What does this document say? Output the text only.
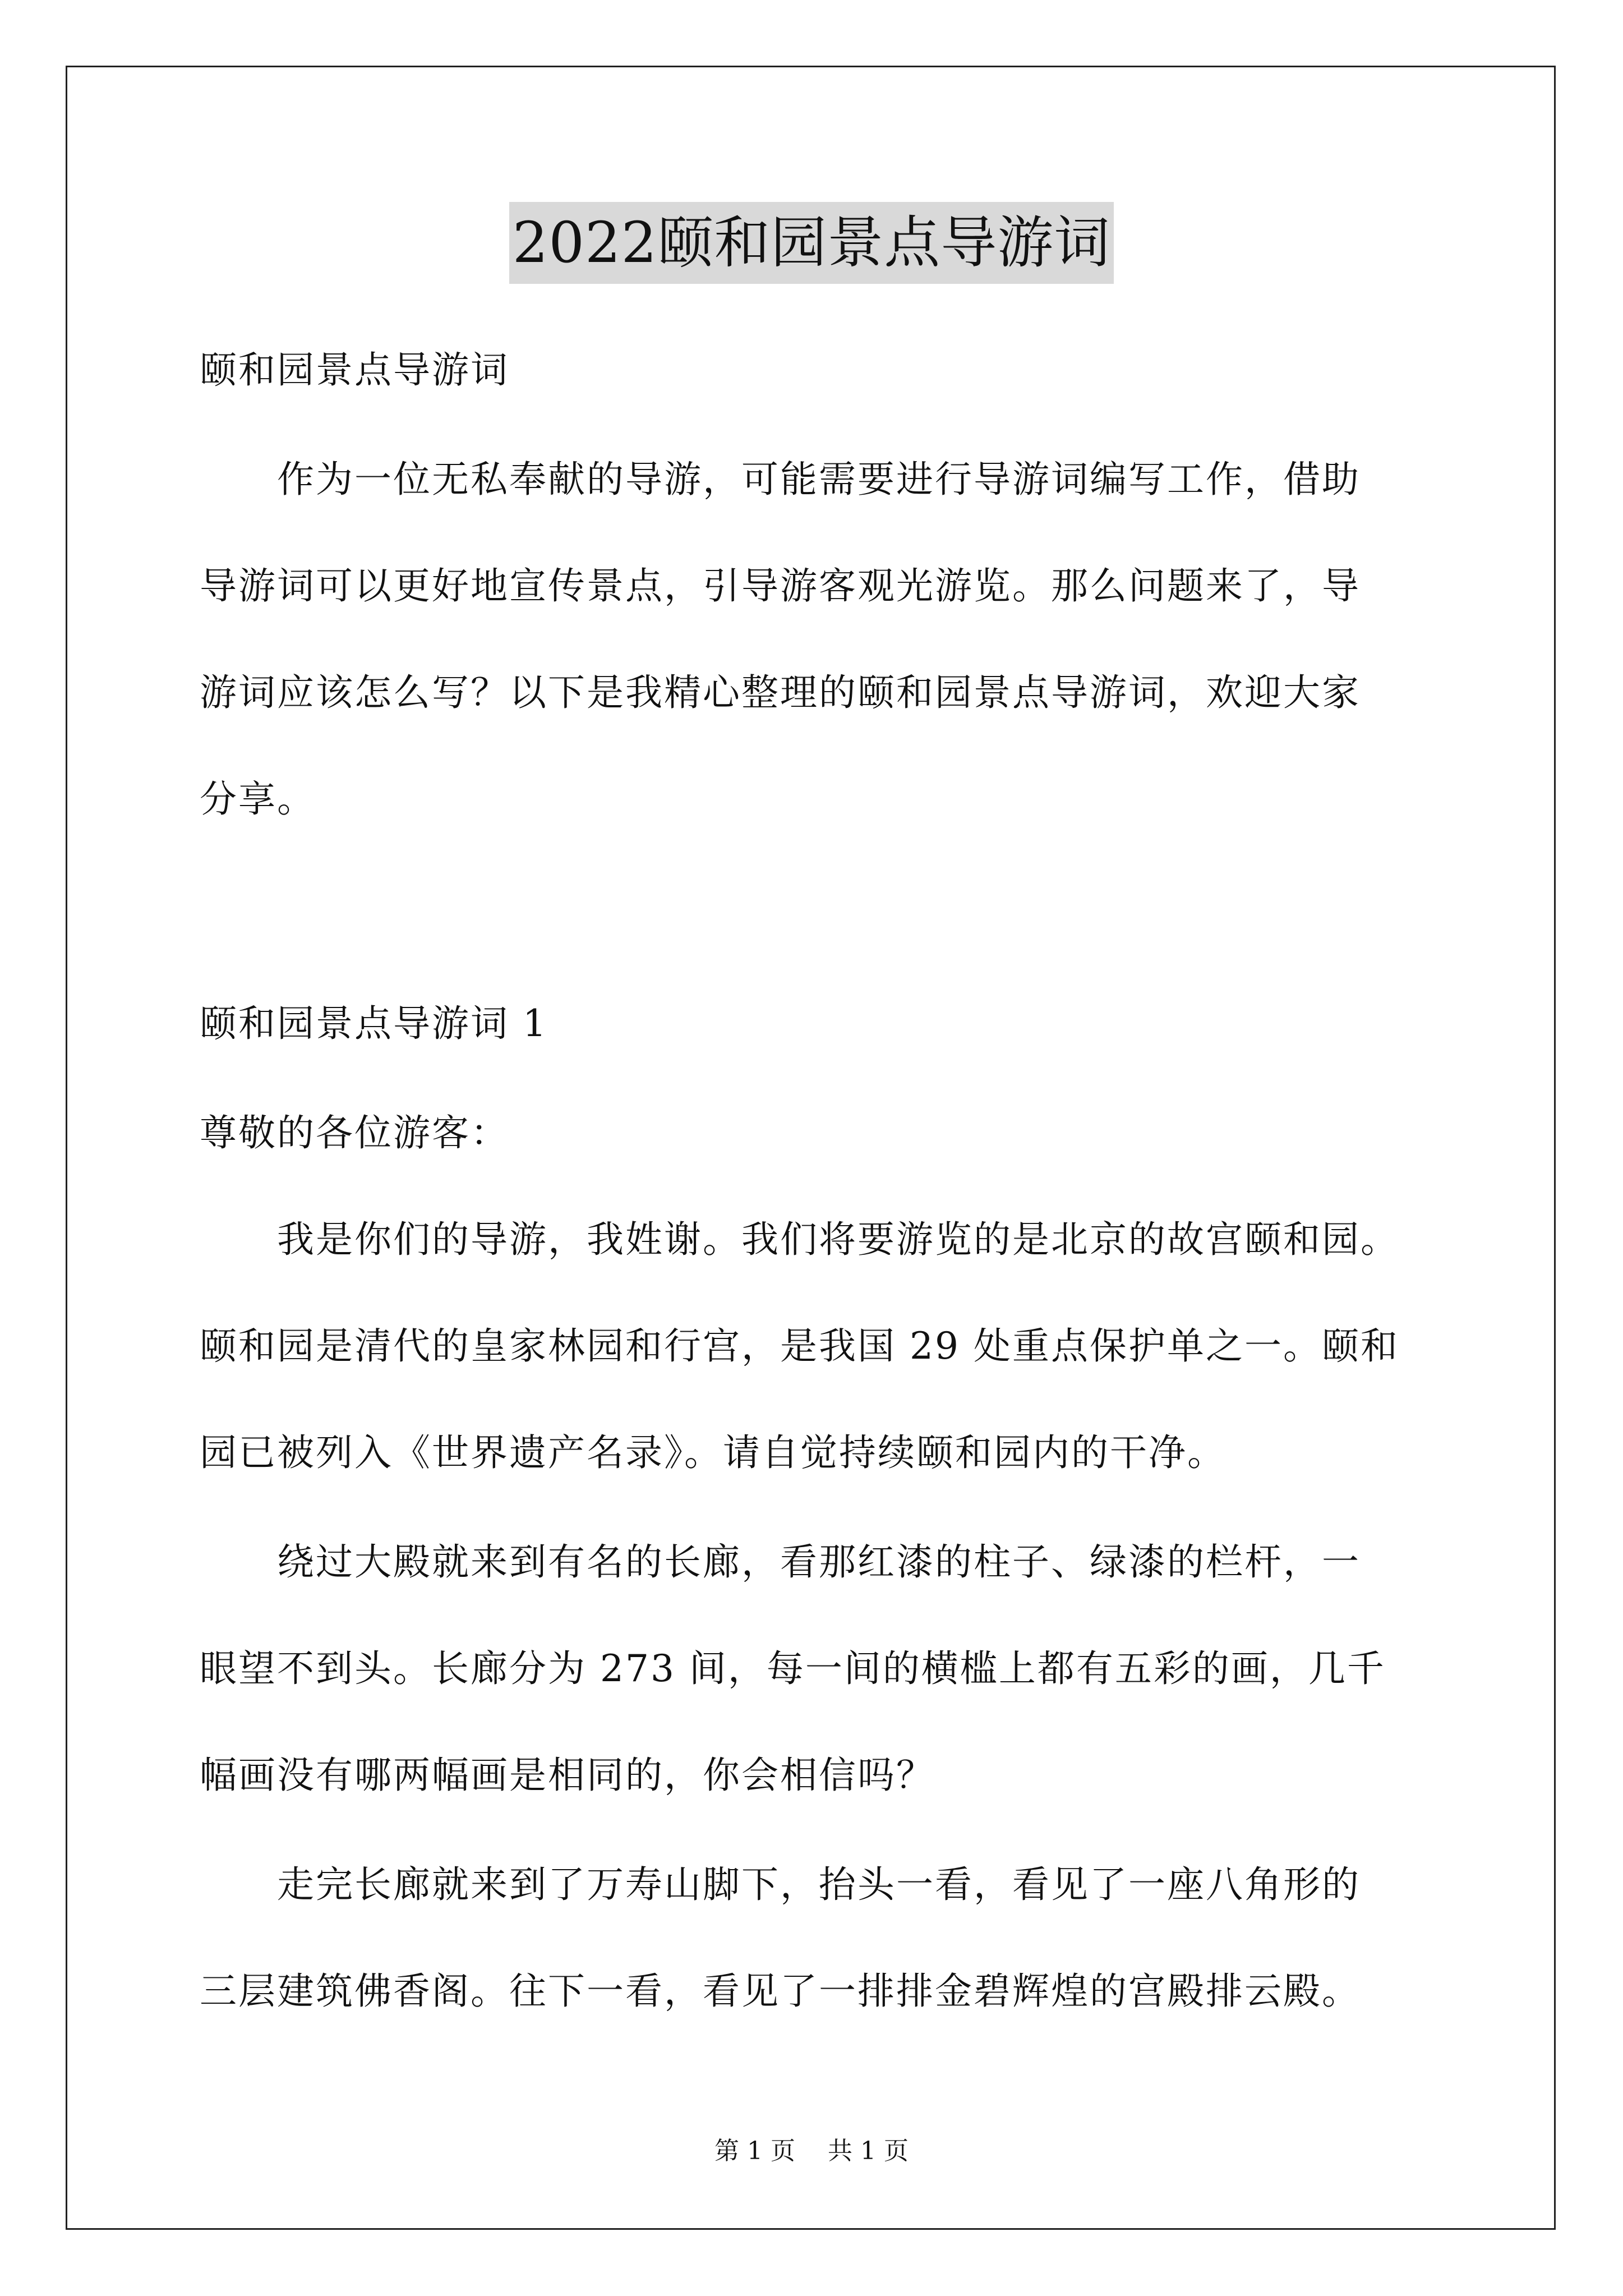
2022颐和园景点导游词
颐和园景点导游词
　　作为一位无私奉献的导游，可能需要进行导游词编写工作，借助
导游词可以更好地宣传景点，引导游客观光游览。那么问题来了，导
游词应该怎么写？以下是我精心整理的颐和园景点导游词，欢迎大家
分享。
颐和园景点导游词 1
尊敬的各位游客：
　　我是你们的导游，我姓谢。我们将要游览的是北京的故宫颐和园。
颐和园是清代的皇家林园和行宫，是我国 29 处重点保护单之一。颐和
园已被列入《世界遗产名录》。请自觉持续颐和园内的干净。
　　绕过大殿就来到有名的长廊，看那红漆的柱子、绿漆的栏杆，一
眼望不到头。长廊分为 273 间，每一间的横槛上都有五彩的画，几千
幅画没有哪两幅画是相同的，你会相信吗？
　　走完长廊就来到了万寿山脚下，抬头一看，看见了一座八角形的
三层建筑佛香阁。往下一看，看见了一排排金碧辉煌的宫殿排云殿。
第 1 页　 共 1 页
